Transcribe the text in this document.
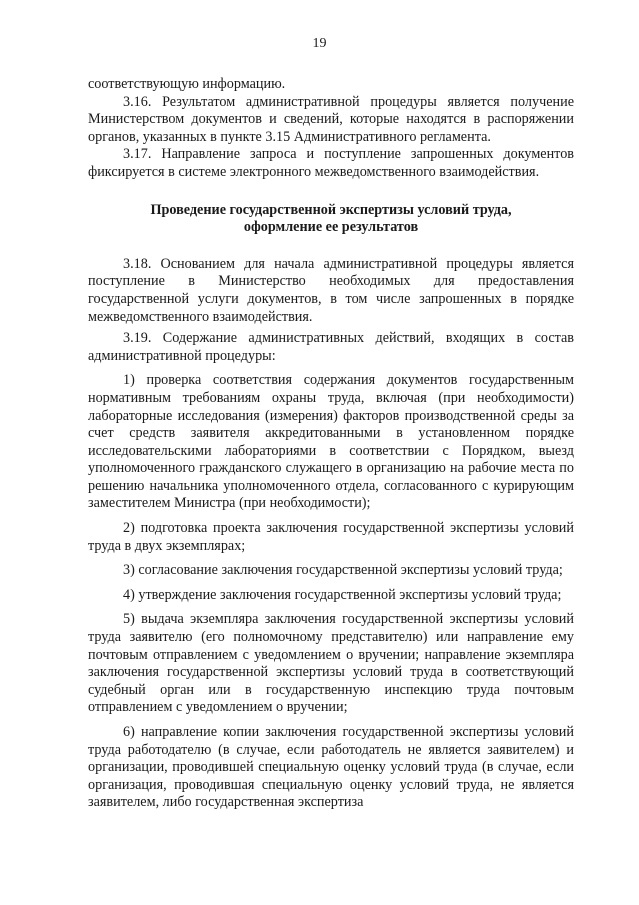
19

соответствующую информацию.

3.16. Результатом административной процедуры является получение Министерством документов и сведений, которые находятся в распоряжении органов, указанных в пункте 3.15 Административного регламента.

3.17. Направление запроса и поступление запрошенных документов фиксируется в системе электронного межведомственного взаимодействия.

Проведение государственной экспертизы условий труда,
оформление ее результатов

3.18. Основанием для начала административной процедуры является поступление в Министерство необходимых для предоставления государственной услуги документов, в том числе запрошенных в порядке межведомственного взаимодействия.

3.19. Содержание административных действий, входящих в состав административной процедуры:

1) проверка соответствия содержания документов государственным нормативным требованиям охраны труда, включая (при необходимости) лабораторные исследования (измерения) факторов производственной среды за счет средств заявителя аккредитованными в установленном порядке исследовательскими лабораториями в соответствии с Порядком, выезд уполномоченного гражданского служащего в организацию на рабочие места по решению начальника уполномоченного отдела, согласованного с курирующим заместителем Министра (при необходимости);

2) подготовка проекта заключения государственной экспертизы условий труда в двух экземплярах;

3) согласование заключения государственной экспертизы условий труда;

4) утверждение заключения государственной экспертизы условий труда;

5) выдача экземпляра заключения государственной экспертизы условий труда заявителю (его полномочному представителю) или направление ему почтовым отправлением с уведомлением о вручении; направление экземпляра заключения государственной экспертизы условий труда в соответствующий судебный орган или в государственную инспекцию труда почтовым отправлением с уведомлением о вручении;

6) направление копии заключения государственной экспертизы условий труда работодателю (в случае, если работодатель не является заявителем) и организации, проводившей специальную оценку условий труда (в случае, если организация, проводившая специальную оценку условий труда, не является заявителем, либо государственная экспертиза
